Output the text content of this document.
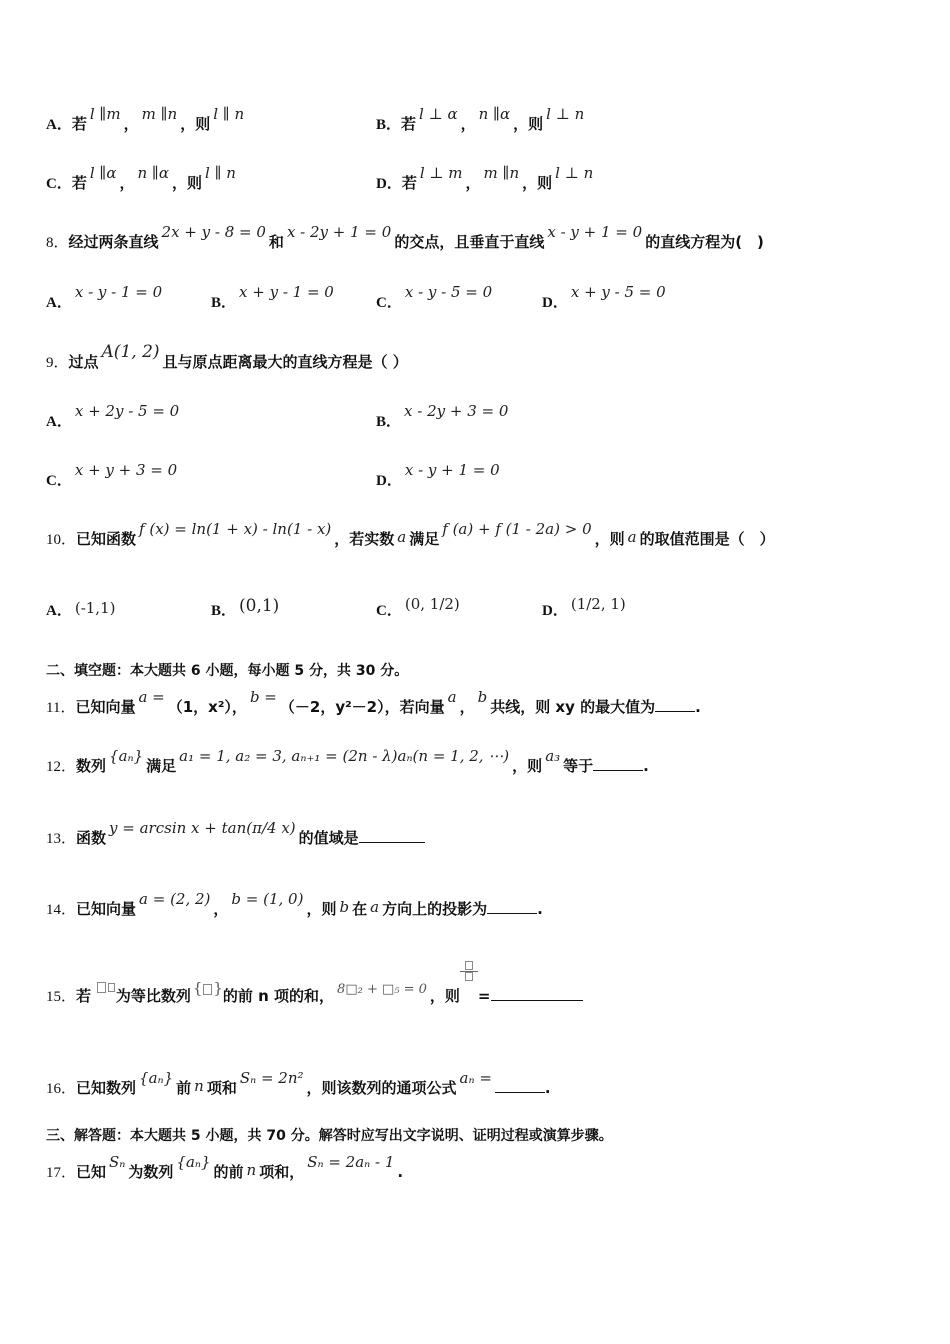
A．若l ∥m，m ∥n，则l ∥ n
B．若l ⊥ α，n ∥α，则l ⊥ n
C．若l ∥α，n ∥α，则l ∥ n
D．若l ⊥ m，m ∥n，则l ⊥ n
8．经过两条直线2x + y - 8 = 0和x - 2y + 1 = 0的交点，且垂直于直线x - y + 1 = 0的直线方程为(　)
A．x - y - 1 = 0
B．x + y - 1 = 0
C．x - y - 5 = 0
D．x + y - 5 = 0
9．过点 A(1, 2) 且与原点距离最大的直线方程是（ ）
A．x + 2y - 5 = 0
B．x - 2y + 3 = 0
C．x + y + 3 = 0
D．x - y + 1 = 0
10．已知函数f (x) = ln(1 + x) - ln(1 - x)，若实数 a 满足f (a) + f (1 - 2a) > 0，则 a 的取值范围是（　）
A． (-1,1)	B． (0,1)	C． (0, 1/2)	D． (1/2, 1)
二、填空题：本大题共 6 小题，每小题 5 分，共 30 分。
11．已知向量a =（1，x²），b =（－2，y²－2），若向量a，b共线，则 xy 的最大值为	.
12．数列{aₙ}满足a₁ = 1, a₂ = 3, aₙ₊₁ = (2n - λ)aₙ(n = 1, 2, ⋯)，则a₃等于	.
13．函数y = arcsin x + tan(π/4 x)的值域是
14．已知向量a = (2, 2)，b = (1, 0)，则 b 在 a 方向上的投影为	.
15．若 为等比数列 { }的前 n 项的和， 8□₂ + □₅ = 0 ，则 =
16．已知数列{aₙ}前 n 项和Sₙ = 2n²，则该数列的通项公式aₙ =.
三、解答题：本大题共 5 小题，共 70 分。解答时应写出文字说明、证明过程或演算步骤。
17．已知Sₙ为数列{aₙ}的前 n 项和，Sₙ = 2aₙ - 1.
